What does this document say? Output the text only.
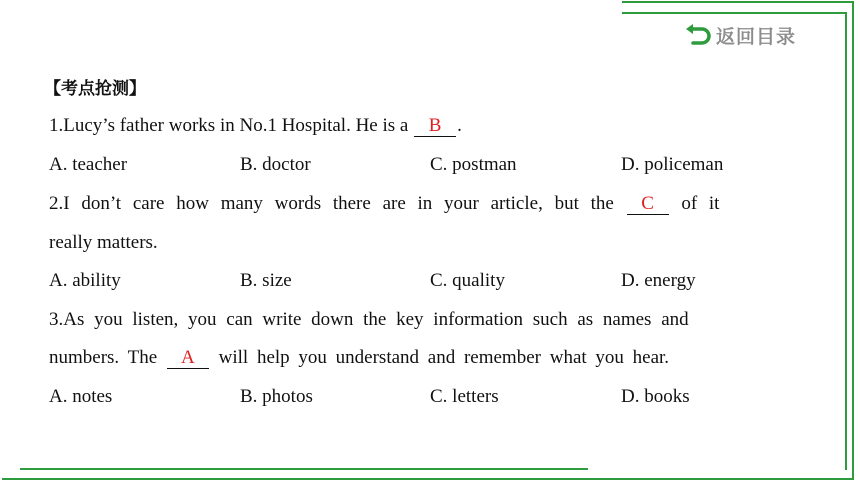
返回目录
【考点抢测】
1.Lucy’s father works in No.1 Hospital. He is a B .
A. teacher	B. doctor	C. postman	D. policeman
2.I don’t care how many words there are in your article, but the C of it
really matters.
A. ability	B. size	C. quality	D. energy
3.As you listen, you can write down the key information such as names and
numbers. The A will help you understand and remember what you hear.
A. notes	B. photos	C. letters	D. books
